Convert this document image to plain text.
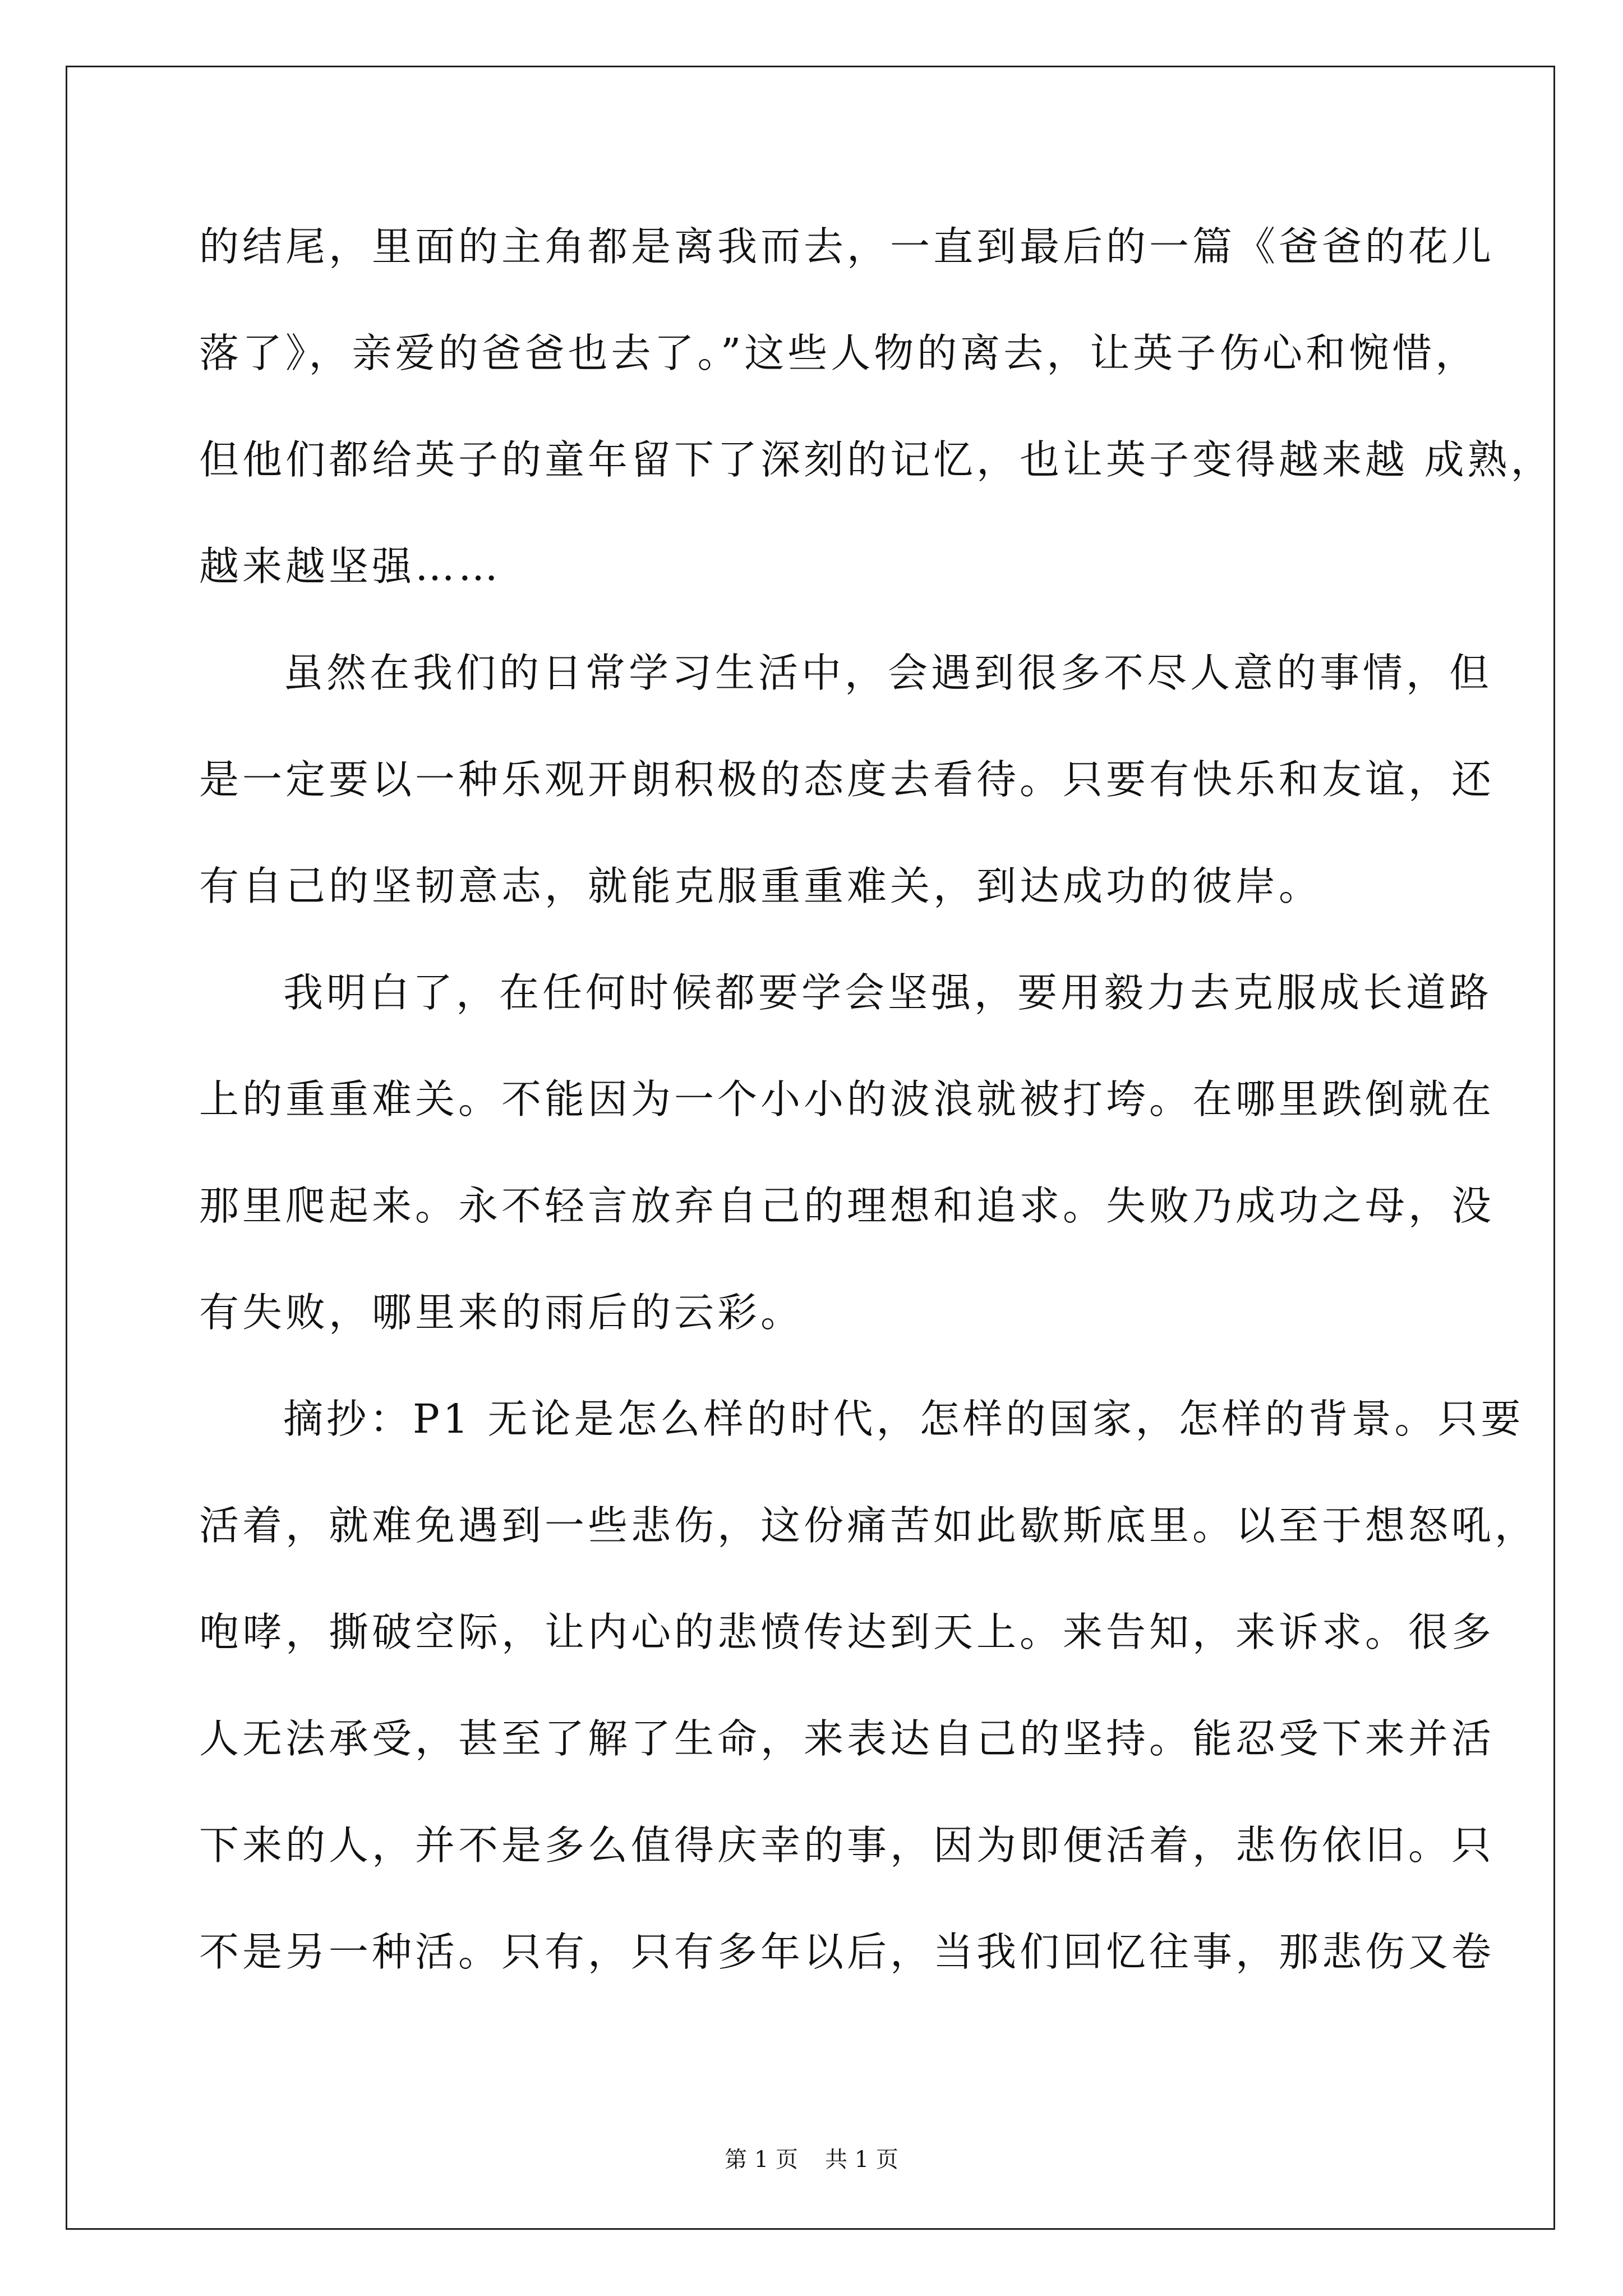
的结尾，里面的主角都是离我而去，一直到最后的一篇《爸爸的花儿
落了》，亲爱的爸爸也去了。”这些人物的离去，让英子伤心和惋惜，
但他们都给英子的童年留下了深刻的记忆，也让英子变得越来越 成熟，
越来越坚强……
虽然在我们的日常学习生活中，会遇到很多不尽人意的事情，但
是一定要以一种乐观开朗积极的态度去看待。只要有快乐和友谊，还
有自己的坚韧意志，就能克服重重难关，到达成功的彼岸。
我明白了，在任何时候都要学会坚强，要用毅力去克服成长道路
上的重重难关。不能因为一个小小的波浪就被打垮。在哪里跌倒就在
那里爬起来。永不轻言放弃自己的理想和追求。失败乃成功之母，没
有失败，哪里来的雨后的云彩。
摘抄：P1 无论是怎么样的时代，怎样的国家，怎样的背景。只要
活着，就难免遇到一些悲伤，这份痛苦如此歇斯底里。以至于想怒吼，
咆哮，撕破空际，让内心的悲愤传达到天上。来告知，来诉求。很多
人无法承受，甚至了解了生命，来表达自己的坚持。能忍受下来并活
下来的人，并不是多么值得庆幸的事，因为即便活着，悲伤依旧。只
不是另一种活。只有，只有多年以后，当我们回忆往事，那悲伤又卷
第 1 页 共 1 页
